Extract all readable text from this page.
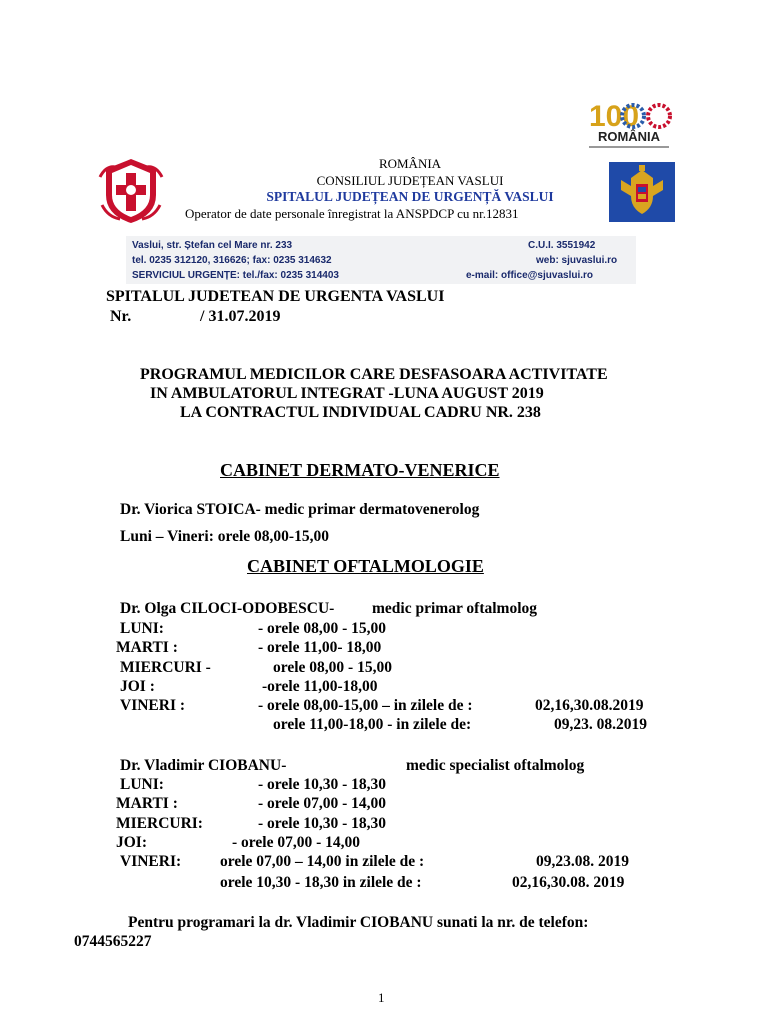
100
ROMÂNIA
ROMÂNIA
CONSILIUL JUDEȚEAN VASLUI
SPITALUL JUDEȚEAN DE URGENȚĂ VASLUI
Operator de date personale înregistrat la ANSPDCP cu nr.12831
Vaslui, str. Ștefan cel Mare nr. 233	C.U.I. 3551942
tel. 0235 312120, 316626; fax: 0235 314632	web: sjuvaslui.ro
SERVICIUL URGENȚE: tel./fax: 0235 314403	e-mail: office@sjuvaslui.ro
SPITALUL JUDETEAN DE URGENTA VASLUI
Nr.	/ 31.07.2019
PROGRAMUL MEDICILOR CARE DESFASOARA ACTIVITATE
IN AMBULATORUL INTEGRAT -LUNA AUGUST 2019
LA CONTRACTUL INDIVIDUAL CADRU NR. 238
CABINET DERMATO-VENERICE
Dr. Viorica STOICA- medic primar dermatovenerolog
Luni – Vineri: orele 08,00-15,00
CABINET OFTALMOLOGIE
Dr. Olga CILOCI-ODOBESCU- medic primar oftalmolog
LUNI:	- orele 08,00 - 15,00
MARTI :	- orele 11,00- 18,00
MIERCURI -	orele 08,00 - 15,00
JOI :	-orele 11,00-18,00
VINERI :	- orele 08,00-15,00 – in zilele de :	02,16,30.08.2019
orele 11,00-18,00 - in zilele de:	09,23. 08.2019
Dr. Vladimir CIOBANU-	medic specialist oftalmolog
LUNI:	- orele 10,30 - 18,30
MARTI :	- orele 07,00 - 14,00
MIERCURI:	- orele 10,30 - 18,30
JOI:	- orele 07,00 - 14,00
VINERI:	orele 07,00 – 14,00 in zilele de :	09,23.08. 2019
orele 10,30 - 18,30 in zilele de :	02,16,30.08. 2019
Pentru programari la dr. Vladimir CIOBANU sunati la nr. de telefon:
0744565227
1
